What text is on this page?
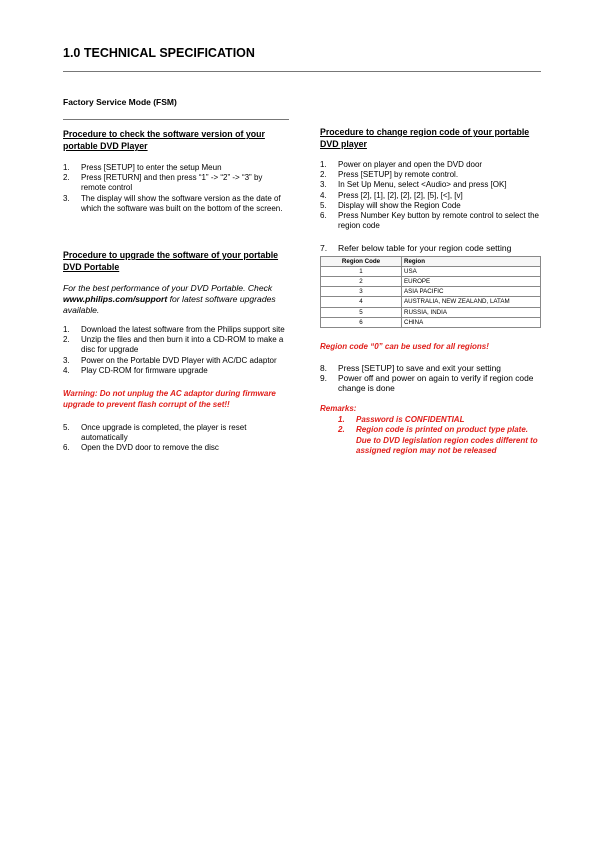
1.0 TECHNICAL SPECIFICATION
Factory Service Mode (FSM)
Procedure to check the software version of your portable DVD Player
1. Press [SETUP] to enter the setup Meun
2. Press [RETURN] and then press “1” -> “2” -> “3” by remote control
3. The display will show the software version as the date of which the software was built on the bottom of the screen.
Procedure to upgrade the software of your portable DVD Portable
For the best performance of your DVD Portable. Check www.philips.com/support for latest software upgrades available.
1. Download the latest software from the Philips support site
2. Unzip the files and then burn it into a CD-ROM to make a disc for upgrade
3. Power on the Portable DVD Player with AC/DC adaptor
4. Play CD-ROM for firmware upgrade
Warning: Do not unplug the AC adaptor during firmware upgrade to prevent flash corrupt of the set!!
5. Once upgrade is completed, the player is reset automatically
6. Open the DVD door to remove the disc
Procedure to change region code of your portable DVD player
1. Power on player and open the DVD door
2. Press [SETUP] by remote control.
3. In Set Up Menu, select <Audio> and press [OK]
4. Press [2], [1], [2], [2], [2], [5], [<], [v]
5. Display will show the Region Code
6. Press Number Key button by remote control to select the region code
7. Refer below table for your region code setting
Region Code	Region
1	USA
2	EUROPE
3	ASIA PACIFIC
4	AUSTRALIA, NEW ZEALAND, LATAM
5	RUSSIA, INDIA
6	CHINA
Region code “0” can be used for all regions!
8. Press [SETUP] to save and exit your setting
9. Power off and power on again to verify if region code change is done
Remarks:
1. Password is CONFIDENTIAL
2. Region code is printed on product type plate. Due to DVD legislation region codes different to assigned region may not be released
